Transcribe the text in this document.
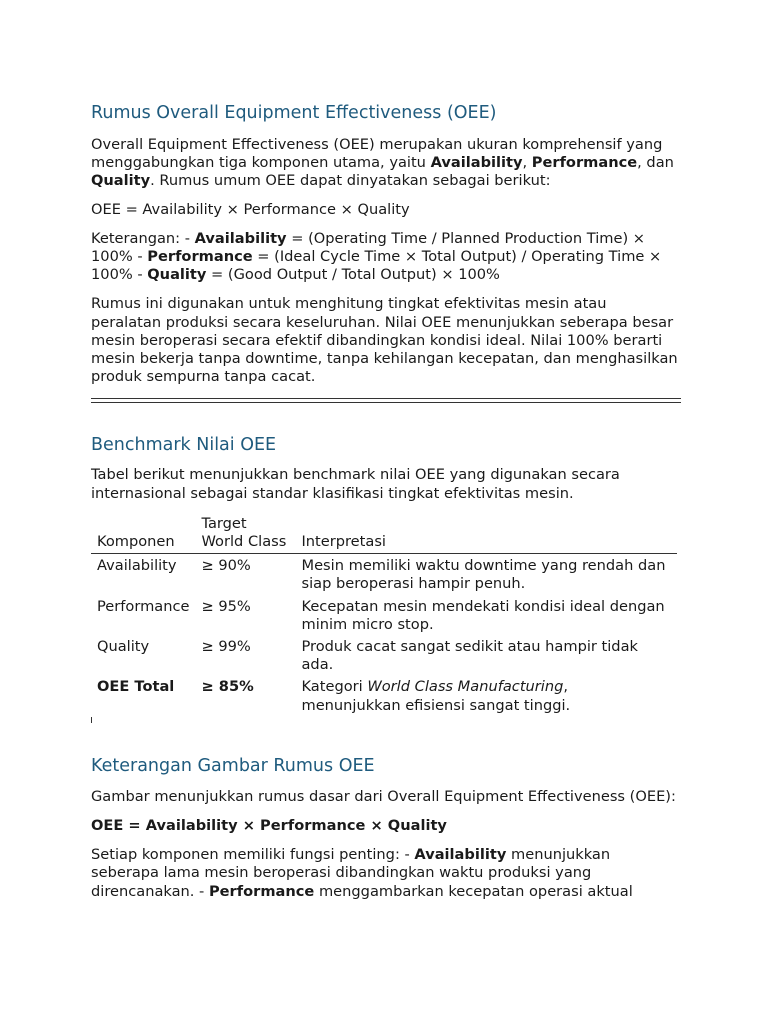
Rumus Overall Equipment Effectiveness (OEE)

Overall Equipment Effectiveness (OEE) merupakan ukuran komprehensif yang menggabungkan tiga komponen utama, yaitu Availability, Performance, dan Quality. Rumus umum OEE dapat dinyatakan sebagai berikut:

OEE = Availability × Performance × Quality

Keterangan: - Availability = (Operating Time / Planned Production Time) × 100% - Performance = (Ideal Cycle Time × Total Output) / Operating Time × 100% - Quality = (Good Output / Total Output) × 100%

Rumus ini digunakan untuk menghitung tingkat efektivitas mesin atau peralatan produksi secara keseluruhan. Nilai OEE menunjukkan seberapa besar mesin beroperasi secara efektif dibandingkan kondisi ideal. Nilai 100% berarti mesin bekerja tanpa downtime, tanpa kehilangan kecepatan, dan menghasilkan produk sempurna tanpa cacat.

Benchmark Nilai OEE

Tabel berikut menunjukkan benchmark nilai OEE yang digunakan secara internasional sebagai standar klasifikasi tingkat efektivitas mesin.

Komponen	Target World Class	Interpretasi
Availability	≥ 90%	Mesin memiliki waktu downtime yang rendah dan siap beroperasi hampir penuh.
Performance	≥ 95%	Kecepatan mesin mendekati kondisi ideal dengan minim micro stop.
Quality	≥ 99%	Produk cacat sangat sedikit atau hampir tidak ada.
OEE Total	≥ 85%	Kategori World Class Manufacturing, menunjukkan efisiensi sangat tinggi.
Keterangan Gambar Rumus OEE

Gambar menunjukkan rumus dasar dari Overall Equipment Effectiveness (OEE):

OEE = Availability × Performance × Quality

Setiap komponen memiliki fungsi penting: - Availability menunjukkan seberapa lama mesin beroperasi dibandingkan waktu produksi yang direncanakan. - Performance menggambarkan kecepatan operasi aktual
